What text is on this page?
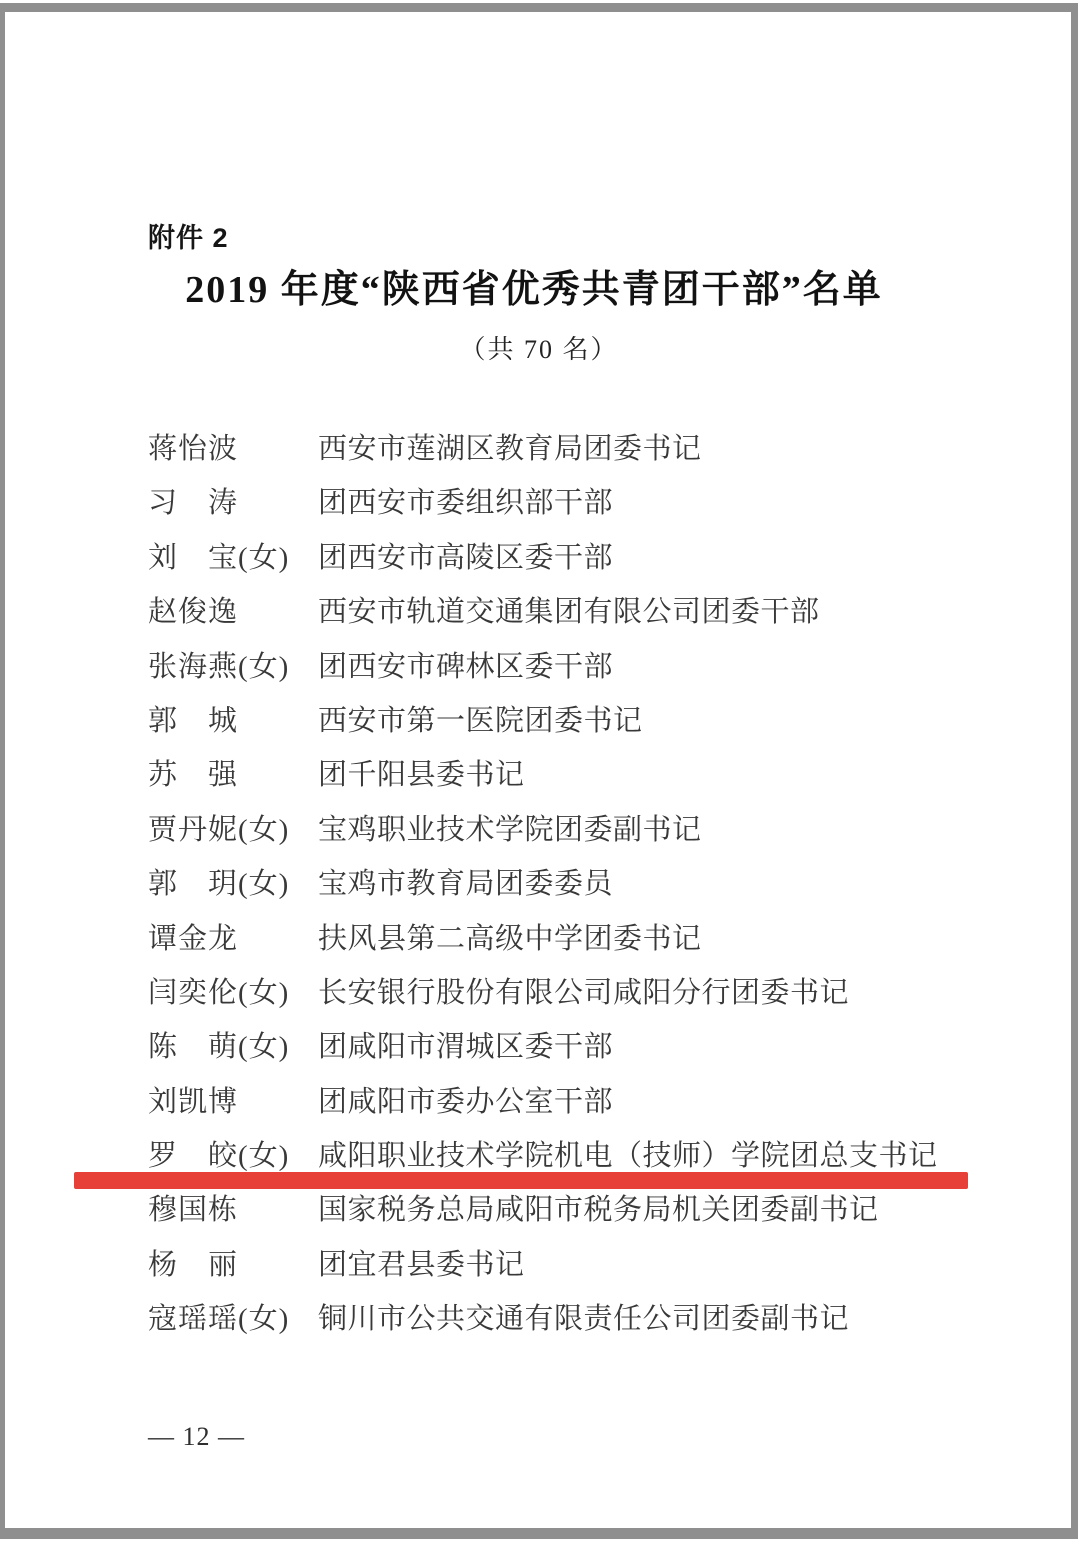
附件 2
2019 年度“陕西省优秀共青团干部”名单
（共 70 名）
蒋怡波	西安市莲湖区教育局团委书记
习　涛	团西安市委组织部干部
刘　宝(女) 团西安市高陵区委干部
赵俊逸	西安市轨道交通集团有限公司团委干部
张海燕(女) 团西安市碑林区委干部
郭　城	西安市第一医院团委书记
苏　强	团千阳县委书记
贾丹妮(女) 宝鸡职业技术学院团委副书记
郭　玥(女) 宝鸡市教育局团委委员
谭金龙	扶风县第二高级中学团委书记
闫奕伦(女) 长安银行股份有限公司咸阳分行团委书记
陈　萌(女) 团咸阳市渭城区委干部
刘凯博	团咸阳市委办公室干部
罗　皎(女) 咸阳职业技术学院机电（技师）学院团总支书记
穆国栋	国家税务总局咸阳市税务局机关团委副书记
杨　丽	团宜君县委书记
寇瑶瑶(女) 铜川市公共交通有限责任公司团委副书记
— 12 —
